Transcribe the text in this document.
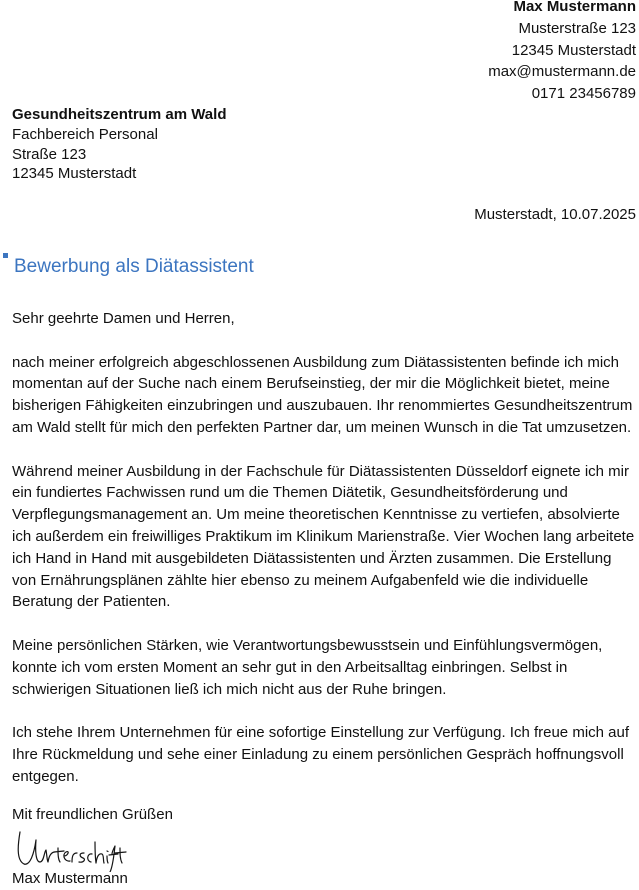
Max Mustermann
Musterstraße 123
12345 Musterstadt
max@mustermann.de
0171 23456789
Gesundheitszentrum am Wald
Fachbereich Personal
Straße 123
12345 Musterstadt
Musterstadt, 10.07.2025
Bewerbung als Diätassistent

Sehr geehrte Damen und Herren,

nach meiner erfolgreich abgeschlossenen Ausbildung zum Diätassistenten befinde ich mich momentan auf der Suche nach einem Berufseinstieg, der mir die Möglichkeit bietet, meine bisherigen Fähigkeiten einzubringen und auszubauen. Ihr renommiertes Gesundheitszentrum am Wald stellt für mich den perfekten Partner dar, um meinen Wunsch in die Tat umzusetzen.

Während meiner Ausbildung in der Fachschule für Diätassistenten Düsseldorf eignete ich mir ein fundiertes Fachwissen rund um die Themen Diätetik, Gesundheitsförderung und Verpflegungsmanagement an. Um meine theoretischen Kenntnisse zu vertiefen, absolvierte ich außerdem ein freiwilliges Praktikum im Klinikum Marienstraße. Vier Wochen lang arbeitete ich Hand in Hand mit ausgebildeten Diätassistenten und Ärzten zusammen. Die Erstellung von Ernährungsplänen zählte hier ebenso zu meinem Aufgabenfeld wie die individuelle Beratung der Patienten.

Meine persönlichen Stärken, wie Verantwortungsbewusstsein und Einfühlungsvermögen, konnte ich vom ersten Moment an sehr gut in den Arbeitsalltag einbringen. Selbst in schwierigen Situationen ließ ich mich nicht aus der Ruhe bringen.

Ich stehe Ihrem Unternehmen für eine sofortige Einstellung zur Verfügung. Ich freue mich auf Ihre Rückmeldung und sehe einer Einladung zu einem persönlichen Gespräch hoffnungsvoll entgegen.

Mit freundlichen Grüßen
Max Mustermann
